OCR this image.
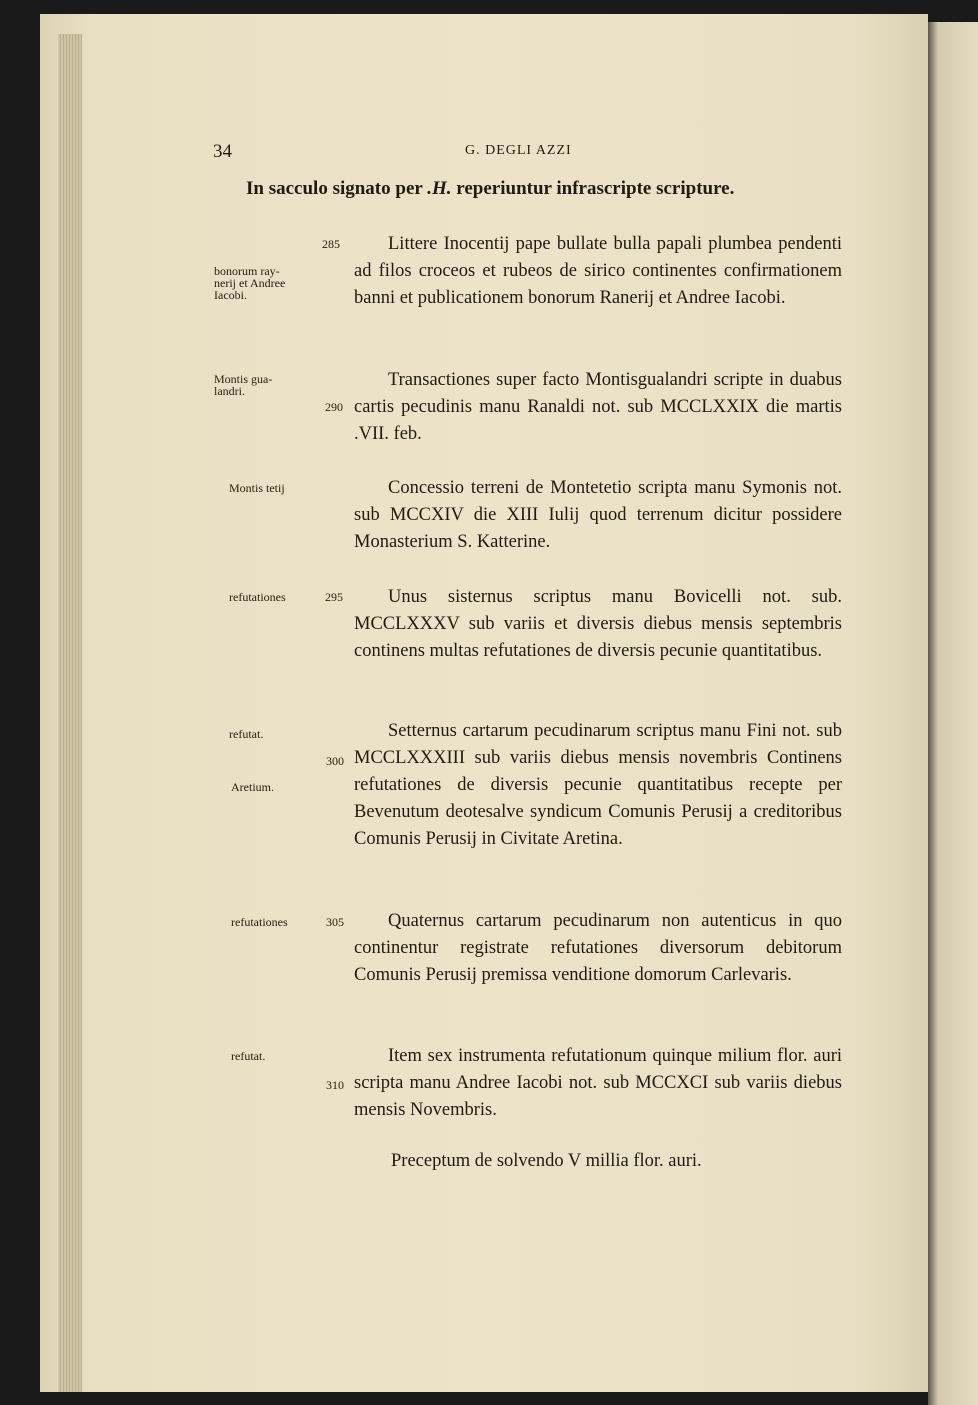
34	G. DEGLI AZZI
In sacculo signato per .H. reperiuntur infrascripte scripture.
bonorum ray-
nerij et Andree
Iacobi.
285	Littere Inocentij pape bullate bulla papali plumbea pendenti ad filos croceos et rubeos de sirico continentes confirmationem banni et publicationem bonorum Ranerij et Andree Iacobi.
Montis gua-
landri.
290
Transactiones super facto Montisgualandri scripte in duabus cartis pecudinis manu Ranaldi not. sub MCCLXXIX die martis .VII. feb.
Montis tetij	Concessio terreni de Montetetio scripta manu Symonis not. sub MCCXIV die XIII Iulij quod terrenum dicitur possidere Monasterium S. Katterine.
refutationes	295	Unus sisternus scriptus manu Bovicelli not. sub. MCCLXXXV sub variis et diversis diebus mensis septembris continens multas refutationes de diversis pecunie quantitatibus.
refutat.
Aretium.
300
Setternus cartarum pecudinarum scriptus manu Fini not. sub MCCLXXXIII sub variis diebus mensis novembris Continens refutationes de diversis pecunie quantitatibus recepte per Bevenutum deotesalve syndicum Comunis Perusij a creditoribus Comunis Perusij in Civitate Aretina.
refutationes	305	Quaternus cartarum pecudinarum non autenticus in quo continentur registrate refutationes diversorum debitorum Comunis Perusij premissa venditione domorum Carlevaris.
refutat.
310
Item sex instrumenta refutationum quinque milium flor. auri scripta manu Andree Iacobi not. sub MCCXCI sub variis diebus mensis Novembris.
Preceptum de solvendo V millia flor. auri.
